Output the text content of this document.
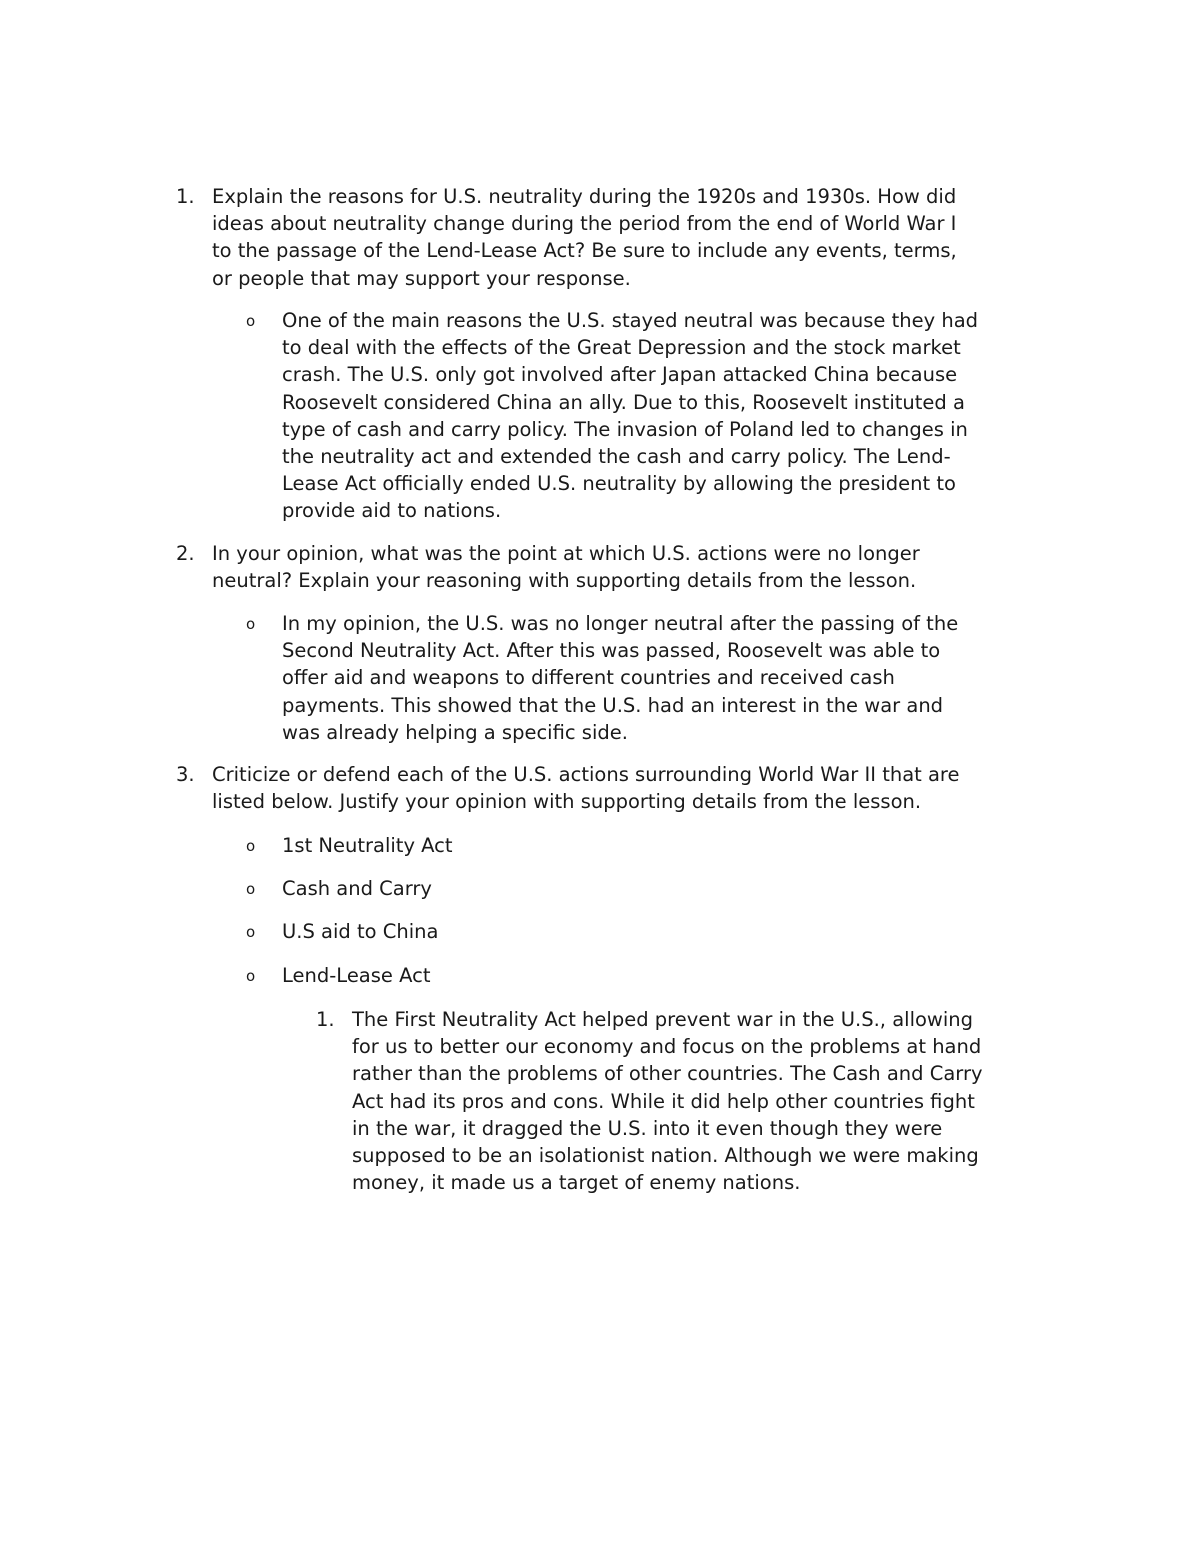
1. Explain the reasons for U.S. neutrality during the 1920s and 1930s. How did
ideas about neutrality change during the period from the end of World War I
to the passage of the Lend-Lease Act? Be sure to include any events, terms,
or people that may support your response.
o	One of the main reasons the U.S. stayed neutral was because they had
to deal with the effects of the Great Depression and the stock market
crash. The U.S. only got involved after Japan attacked China because
Roosevelt considered China an ally. Due to this, Roosevelt instituted a
type of cash and carry policy. The invasion of Poland led to changes in
the neutrality act and extended the cash and carry policy. The Lend-
Lease Act officially ended U.S. neutrality by allowing the president to
provide aid to nations.
2. In your opinion, what was the point at which U.S. actions were no longer
neutral? Explain your reasoning with supporting details from the lesson.
o	In my opinion, the U.S. was no longer neutral after the passing of the
Second Neutrality Act. After this was passed, Roosevelt was able to
offer aid and weapons to different countries and received cash
payments. This showed that the U.S. had an interest in the war and
was already helping a specific side.
3. Criticize or defend each of the U.S. actions surrounding World War II that are
listed below. Justify your opinion with supporting details from the lesson.
o	1st Neutrality Act
o	Cash and Carry
o	U.S aid to China
o	Lend-Lease Act
1. The First Neutrality Act helped prevent war in the U.S., allowing
for us to better our economy and focus on the problems at hand
rather than the problems of other countries. The Cash and Carry
Act had its pros and cons. While it did help other countries fight
in the war, it dragged the U.S. into it even though they were
supposed to be an isolationist nation. Although we were making
money, it made us a target of enemy nations.
